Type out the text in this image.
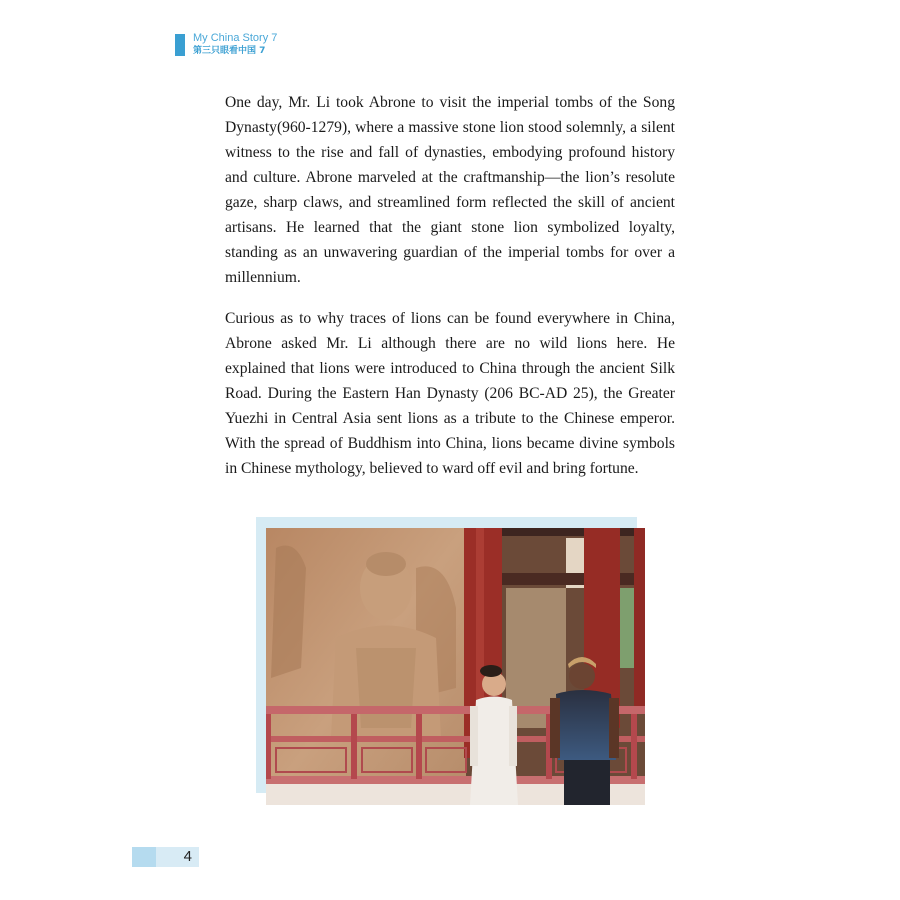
My China Story 7
第三只眼看中国 7

One day, Mr. Li took Abrone to visit the imperial tombs of the Song Dynasty(960-1279), where a massive stone lion stood solemnly, a silent witness to the rise and fall of dynasties, embodying profound history and culture. Abrone marveled at the craftmanship—the lion’s resolute gaze, sharp claws, and streamlined form reflected the skill of ancient artisans. He learned that the giant stone lion symbolized loyalty, standing as an unwavering guardian of the imperial tombs for over a millennium.

Curious as to why traces of lions can be found everywhere in China, Abrone asked Mr. Li although there are no wild lions here. He explained that lions were introduced to China through the ancient Silk Road. During the Eastern Han Dynasty (206 BC-AD 25), the Greater Yuezhi in Central Asia sent lions as a tribute to the Chinese emperor. With the spread of Buddhism into China, lions became divine symbols in Chinese mythology, believed to ward off evil and bring fortune.

4
